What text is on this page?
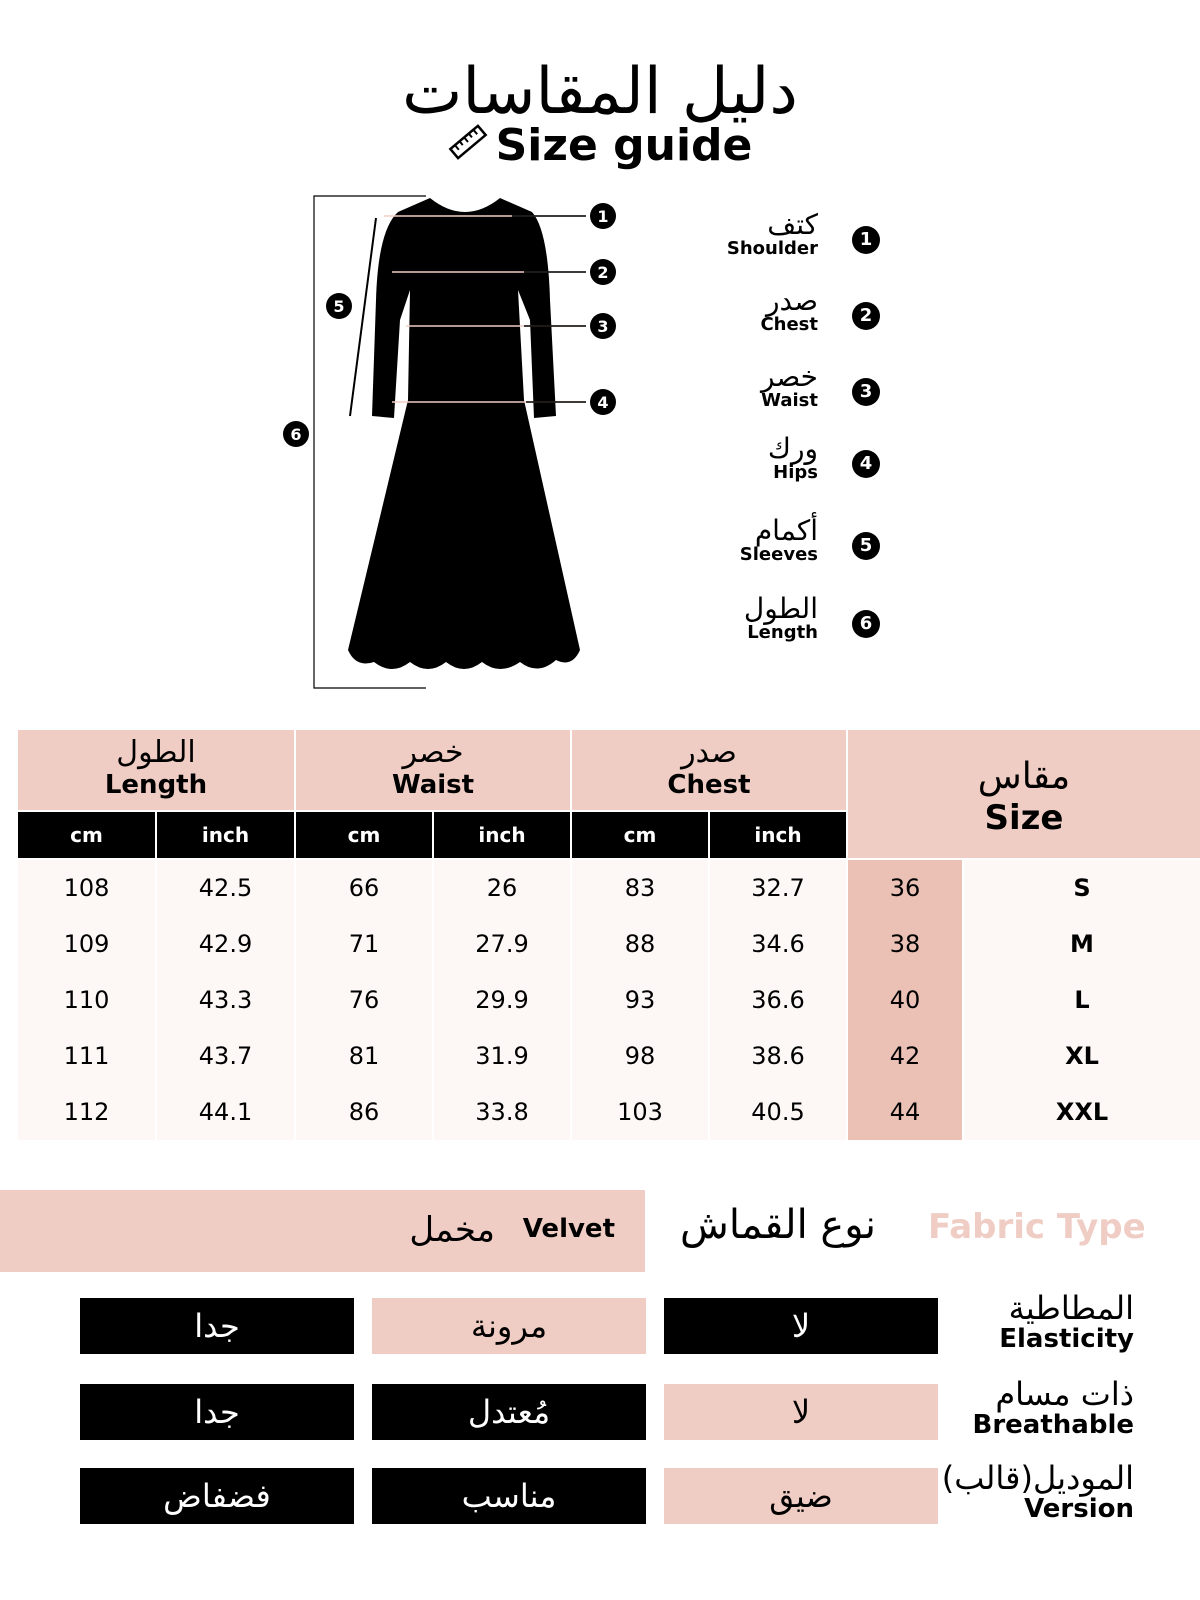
دليل المقاسات
Size guide
1
2
3
4
5
6
كتف
Shoulder	1
صدر
Chest	2
خصر
Waist	3
ورك
Hips	4
أكمام
Sleeves	5
الطول
Length	6
الطول
Length
خصر
Waist
صدر
Chest	مقاس
Size
cm	inch	cm	inch	cm	inch
108	42.5	66	26	83	32.7	36	S
109	42.9	71	27.9	88	34.6	38	M
110	43.3	76	29.9	93	36.6	40	L
111	43.7	81	31.9	98	38.6	42	XL
112	44.1	86	33.8	103	40.5	44	XXL
مخمل Velvet نوع القماش Fabric Type
جدا	مرونة	لا	المطاطية
Elasticity
جدا	مُعتدل	لا	ذات مسام
Breathable
فضفاض	مناسب	ضيق	(الموديل(قالب
Version
